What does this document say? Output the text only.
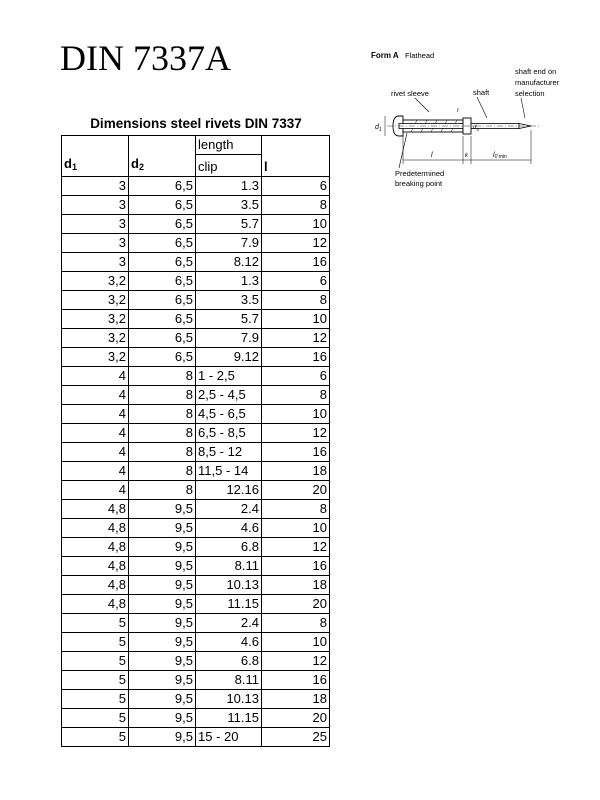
DIN 7337A	Form A Flathead
shaft end on
manufacturer
selection
rivet sleeve	shaft
$d_1$	$d_3$
r
l	k	l0 min
Predetermined
breaking point
Dimensions steel rivets DIN 7337
		length	
$d_1$	$d_2$	clip	l
3	6,5	1.3	6
3	6,5	3.5	8
3	6,5	5.7	10
3	6,5	7.9	12
3	6,5	8.12	16
3,2	6,5	1.3	6
3,2	6,5	3.5	8
3,2	6,5	5.7	10
3,2	6,5	7.9	12
3,2	6,5	9.12	16
4	8	1 - 2,5	6
4	8	2,5 - 4,5	8
4	8	4,5 - 6,5	10
4	8	6,5 - 8,5	12
4	8	8,5 - 12	16
4	8	11,5 - 14	18
4	8	12.16	20
4,8	9,5	2.4	8
4,8	9,5	4.6	10
4,8	9,5	6.8	12
4,8	9,5	8.11	16
4,8	9,5	10.13	18
4,8	9,5	11.15	20
5	9,5	2.4	8
5	9,5	4.6	10
5	9,5	6.8	12
5	9,5	8.11	16
5	9,5	10.13	18
5	9,5	11.15	20
5	9,5	15 - 20	25
